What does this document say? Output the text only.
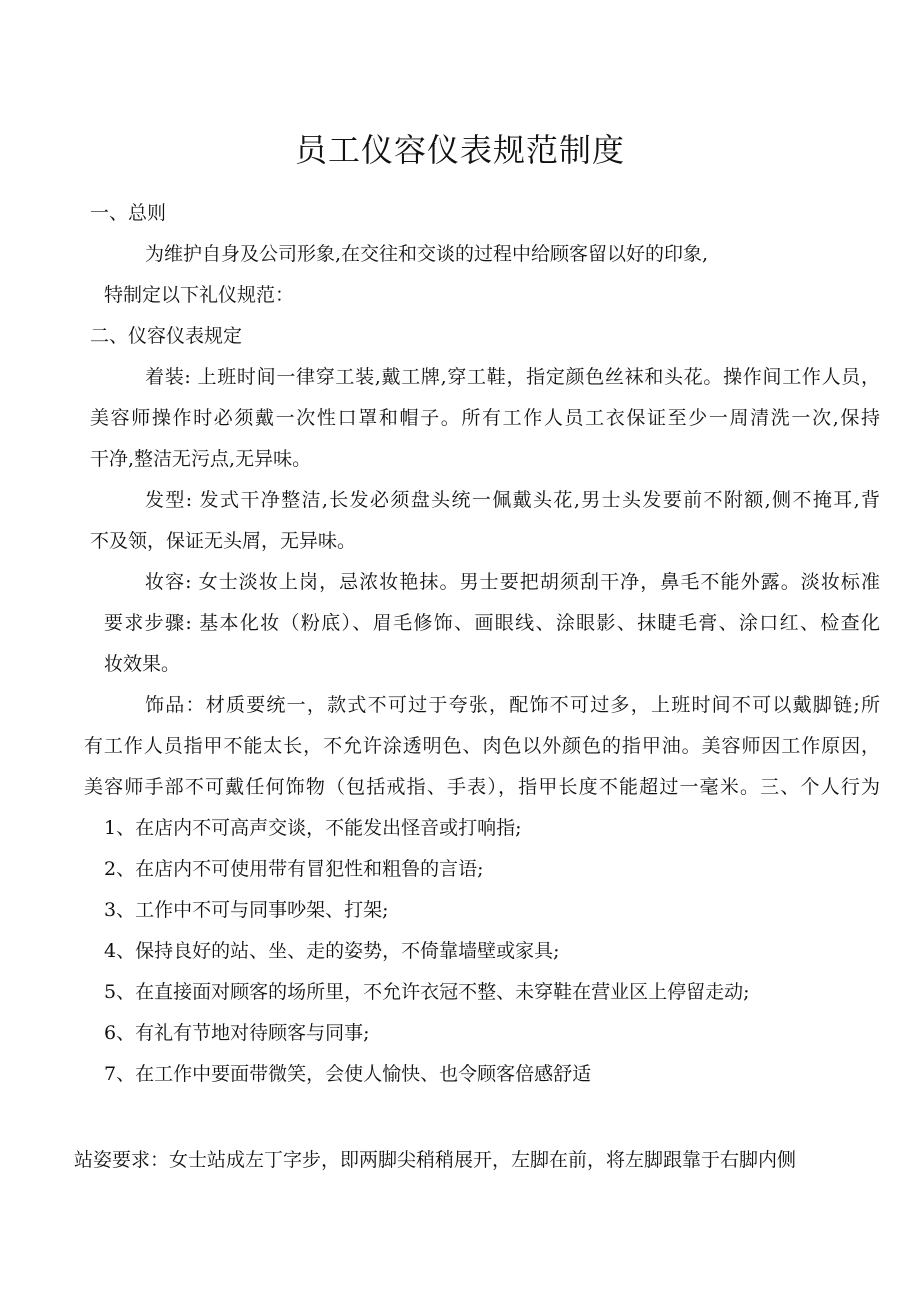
员工仪容仪表规范制度
一、总则
为维护自身及公司形象,在交往和交谈的过程中给顾客留以好的印象,
特制定以下礼仪规范：
二、仪容仪表规定
着装: 上班时间一律穿工装,戴工牌,穿工鞋，指定颜色丝袜和头花。操作间工作人员，
美容师操作时必须戴一次性口罩和帽子。所有工作人员工衣保证至少一周清洗一次,保持
干净,整洁无污点,无异味。
发型: 发式干净整洁,长发必须盘头统一佩戴头花,男士头发要前不附额,侧不掩耳,背
不及领，保证无头屑，无异味。
妆容: 女士淡妆上岗，忌浓妆艳抹。男士要把胡须刮干净，鼻毛不能外露。淡妆标准
要求步骤: 基本化妆（粉底）、眉毛修饰、画眼线、涂眼影、抹睫毛膏、涂口红、检查化
妆效果。
饰品：材质要统一，款式不可过于夸张，配饰不可过多，上班时间不可以戴脚链;所
有工作人员指甲不能太长，不允许涂透明色、肉色以外颜色的指甲油。美容师因工作原因，
美容师手部不可戴任何饰物（包括戒指、手表），指甲长度不能超过一毫米。三、个人行为
1、在店内不可高声交谈，不能发出怪音或打响指;
2、在店内不可使用带有冒犯性和粗鲁的言语;
3、工作中不可与同事吵架、打架;
4、保持良好的站、坐、走的姿势，不倚靠墙壁或家具;
5、在直接面对顾客的场所里，不允许衣冠不整、未穿鞋在营业区上停留走动;
6、有礼有节地对待顾客与同事;
7、在工作中要面带微笑，会使人愉快、也令顾客倍感舒适
站姿要求：女士站成左丁字步，即两脚尖稍稍展开，左脚在前，将左脚跟靠于右脚内侧
